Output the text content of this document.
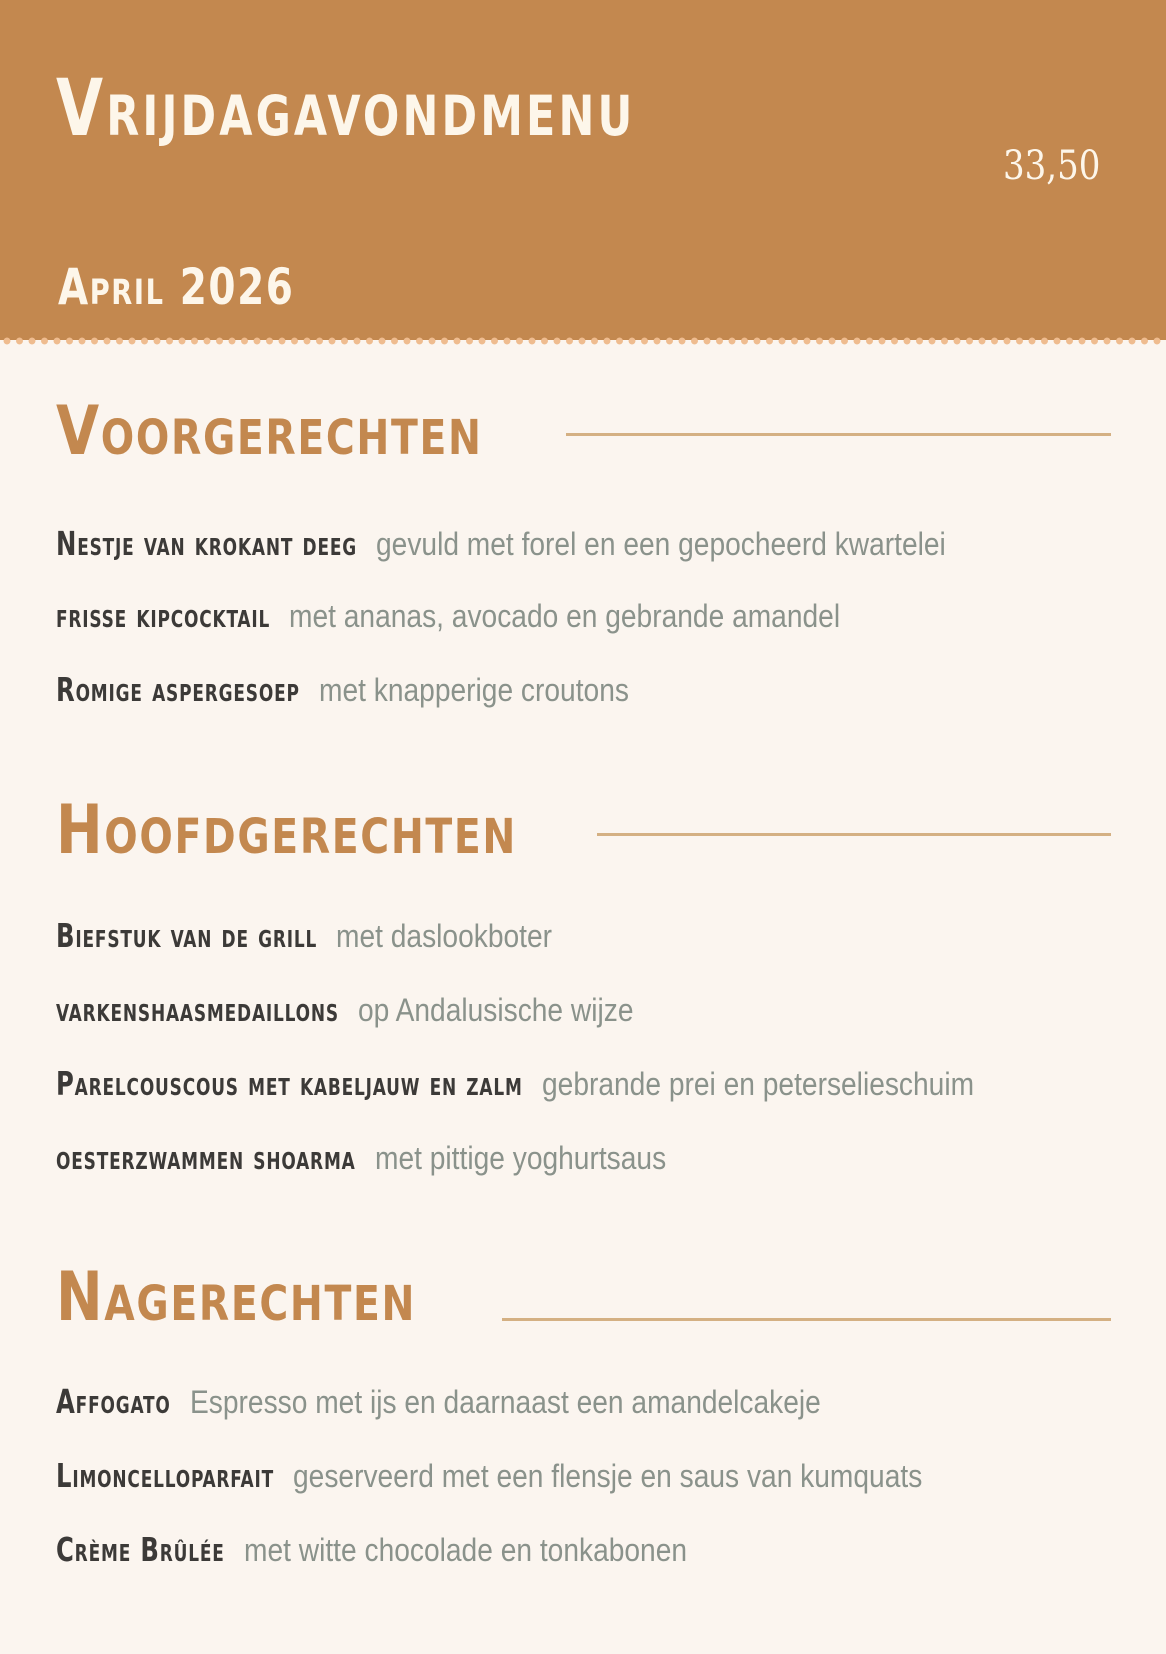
Vrijdagavondmenu
33,50
April 2026
Voorgerechten
Nestje van krokant deeg gevuld met forel en een gepocheerd kwartelei
frisse kipcocktail met ananas, avocado en gebrande amandel
Romige aspergesoep met knapperige croutons
Hoofdgerechten
Biefstuk van de grill met daslookboter
varkenshaasmedaillons op Andalusische wijze
Parelcouscous met kabeljauw en zalm gebrande prei en peterselieschuim
oesterzwammen shoarma met pittige yoghurtsaus
Nagerechten
Affogato Espresso met ijs en daarnaast een amandelcakeje
Limoncelloparfait geserveerd met een flensje en saus van kumquats
Crème Brûlée met witte chocolade en tonkabonen
